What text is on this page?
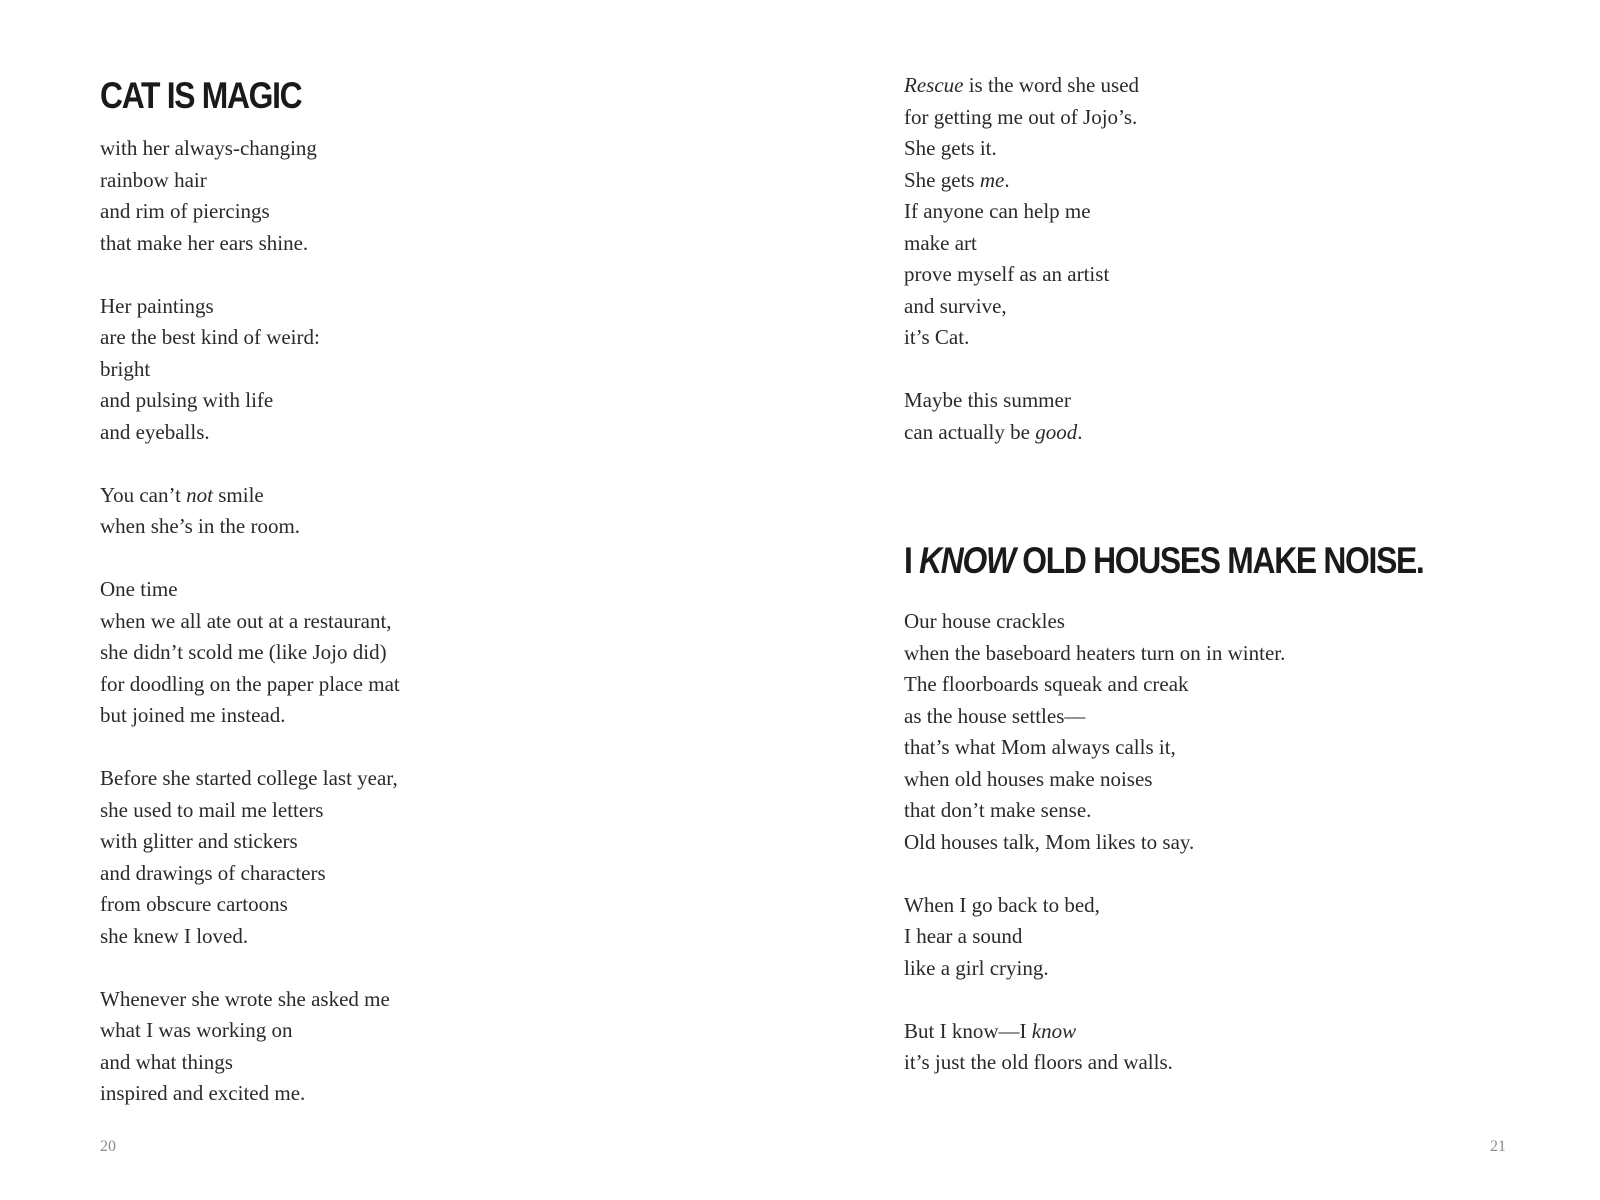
CAT IS MAGIC
with her always-changing
rainbow hair
and rim of piercings
that make her ears shine.
Her paintings
are the best kind of weird:
bright
and pulsing with life
and eyeballs.
You can’t not smile
when she’s in the room.
One time
when we all ate out at a restaurant,
she didn’t scold me (like Jojo did)
for doodling on the paper place mat
but joined me instead.
Before she started college last year,
she used to mail me letters
with glitter and stickers
and drawings of characters
from obscure cartoons
she knew I loved.
Whenever she wrote she asked me
what I was working on
and what things
inspired and excited me.
Rescue is the word she used
for getting me out of Jojo’s.
She gets it.
She gets me.
If anyone can help me
make art
prove myself as an artist
and survive,
it’s Cat.
Maybe this summer
can actually be good.
I KNOW OLD HOUSES MAKE NOISE.
Our house crackles
when the baseboard heaters turn on in winter.
The floorboards squeak and creak
as the house settles—
that’s what Mom always calls it,
when old houses make noises
that don’t make sense.
Old houses talk, Mom likes to say.
When I go back to bed,
I hear a sound
like a girl crying.
But I know—I know
it’s just the old floors and walls.
20	21
